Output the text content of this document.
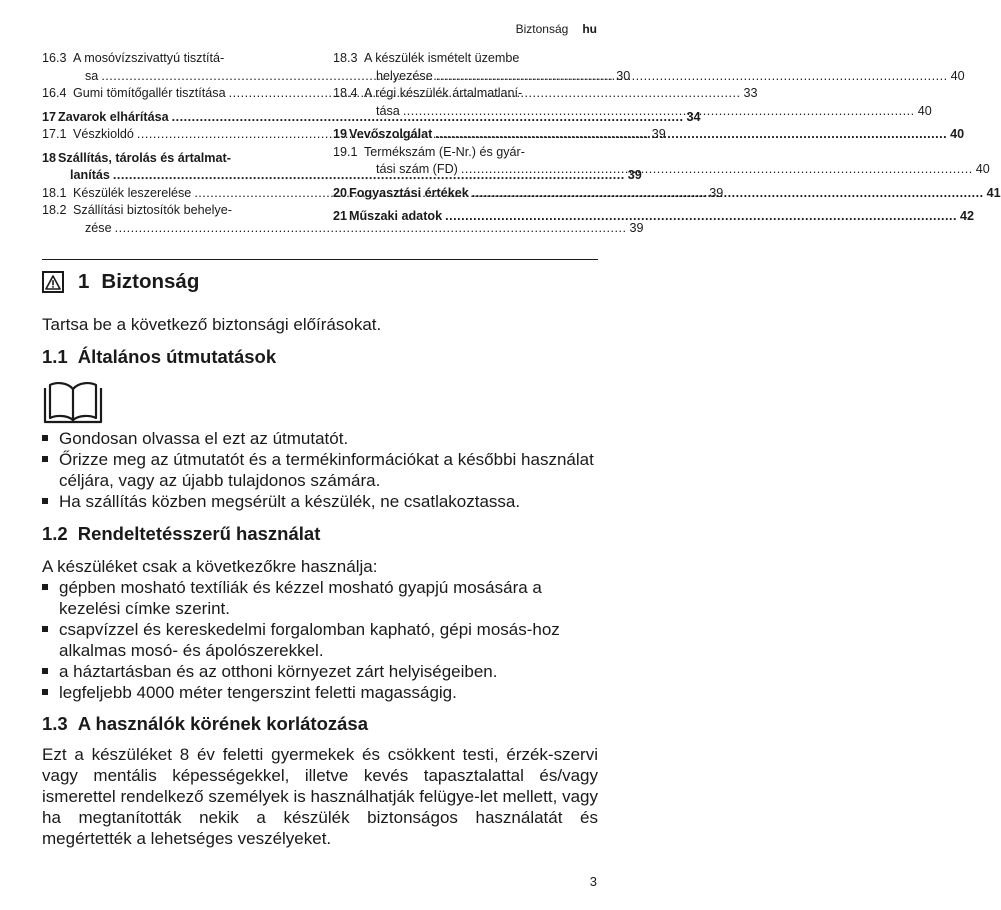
Biztonság hu
16.3 A mosóvízszivattyú tisztítá-
sa .....	30
16.4 Gumi tömítőgallér tisztítása .....	33
17 Zavarok elhárítása .....	34
17.1 Vészkioldó .....	39
18 Szállítás, tárolás és ártalmat-
lanítás .....	39
18.1 Készülék leszerelése .....	39
18.2 Szállítási biztosítók behelye-
zése .....	39
18.3 A készülék ismételt üzembe
helyezése .....	40
18.4 A régi készülék ártalmatlaní-
tása .....	40
19 Vevőszolgálat .....	40
19.1 Termékszám (E-Nr.) és gyár-
tási szám (FD) .....	40
20 Fogyasztási értékek .....	41
21 Műszaki adatok .....	42
1 Biztonság
Tartsa be a következő biztonsági előírásokat.
1.1 Általános útmutatások
Gondosan olvassa el ezt az útmutatót.
Őrizze meg az útmutatót és a termékinformációkat a későbbi használat céljára, vagy az újabb tulajdonos számára.
Ha szállítás közben megsérült a készülék, ne csatlakoztassa.
1.2 Rendeltetésszerű használat
A készüléket csak a következőkre használja:
gépben mosható textíliák és kézzel mosható gyapjú mosására a kezelési címke szerint.
csapvízzel és kereskedelmi forgalomban kapható, gépi mosás-hoz alkalmas mosó- és ápolószerekkel.
a háztartásban és az otthoni környezet zárt helyiségeiben.
legfeljebb 4000 méter tengerszint feletti magasságig.
1.3 A használók körének korlátozása
Ezt a készüléket 8 év feletti gyermekek és csökkent testi, érzék-szervi vagy mentális képességekkel, illetve kevés tapasztalattal és/vagy ismerettel rendelkező személyek is használhatják felügye-let mellett, vagy ha megtanították nekik a készülék biztonságos használatát és megértették a lehetséges veszélyeket.
3
